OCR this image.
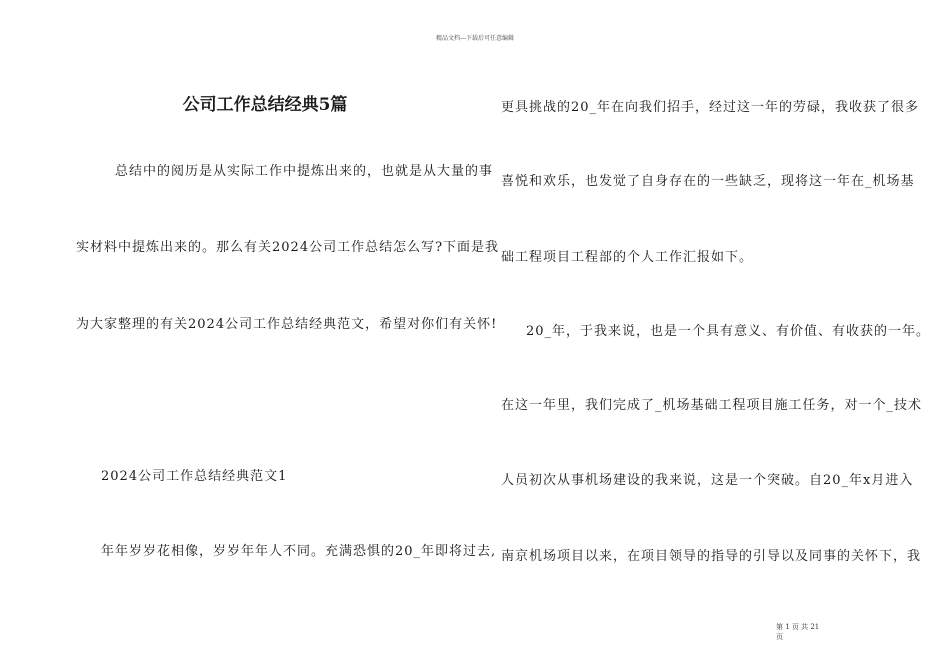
精品文档---下载后可任意编辑
公司工作总结经典5篇
总结中的阅历是从实际工作中提炼出来的，也就是从大量的事
实材料中提炼出来的。那么有关2024公司工作总结怎么写?下面是我
为大家整理的有关2024公司工作总结经典范文，希望对你们有关怀!
2024公司工作总结经典范文1
年年岁岁花相像，岁岁年年人不同。充满恐惧的20_年即将过去,
更具挑战的20_年在向我们招手，经过这一年的劳碌，我收获了很多
喜悦和欢乐，也发觉了自身存在的一些缺乏，现将这一年在_机场基
础工程项目工程部的个人工作汇报如下。
20_年，于我来说，也是一个具有意义、有价值、有收获的一年。
在这一年里，我们完成了_机场基础工程项目施工任务，对一个_技术
人员初次从事机场建设的我来说，这是一个突破。自20_年x月进入
南京机场项目以来，在项目领导的指导的引导以及同事的关怀下，我
第 1 页 共 21
页
